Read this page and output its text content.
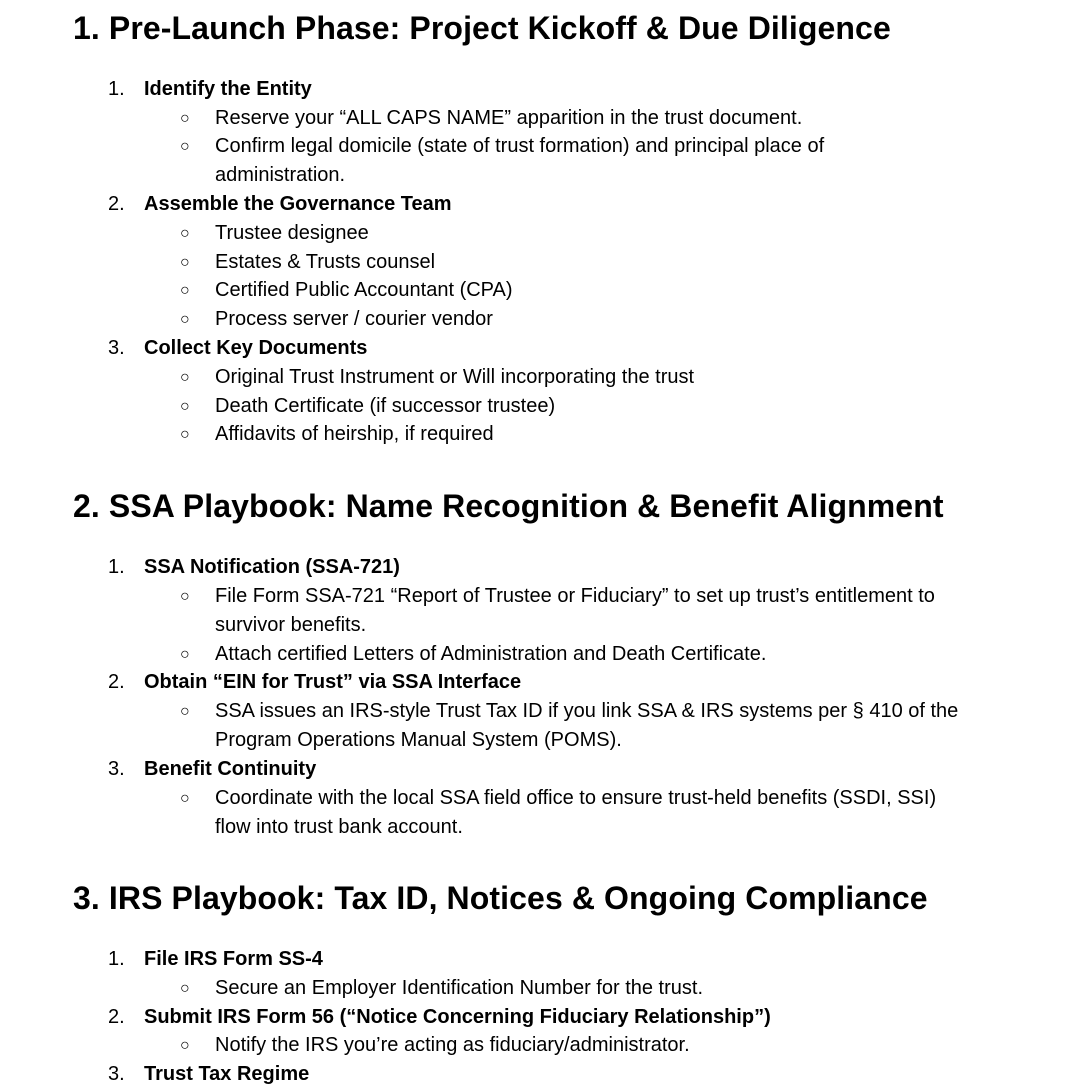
1. Pre-Launch Phase: Project Kickoff & Due Diligence
1. Identify the Entity
○ Reserve your “ALL CAPS NAME” apparition in the trust document.
○ Confirm legal domicile (state of trust formation) and principal place of administration.
2. Assemble the Governance Team
○ Trustee designee
○ Estates & Trusts counsel
○ Certified Public Accountant (CPA)
○ Process server / courier vendor
3. Collect Key Documents
○ Original Trust Instrument or Will incorporating the trust
○ Death Certificate (if successor trustee)
○ Affidavits of heirship, if required
2. SSA Playbook: Name Recognition & Benefit Alignment
1. SSA Notification (SSA-721)
○ File Form SSA-721 “Report of Trustee or Fiduciary” to set up trust’s entitlement to survivor benefits.
○ Attach certified Letters of Administration and Death Certificate.
2. Obtain “EIN for Trust” via SSA Interface
○ SSA issues an IRS-style Trust Tax ID if you link SSA & IRS systems per § 410 of the Program Operations Manual System (POMS).
3. Benefit Continuity
○ Coordinate with the local SSA field office to ensure trust-held benefits (SSDI, SSI) flow into trust bank account.
3. IRS Playbook: Tax ID, Notices & Ongoing Compliance
1. File IRS Form SS-4
○ Secure an Employer Identification Number for the trust.
2. Submit IRS Form 56 (“Notice Concerning Fiduciary Relationship”)
○ Notify the IRS you’re acting as fiduciary/administrator.
3. Trust Tax Regime
